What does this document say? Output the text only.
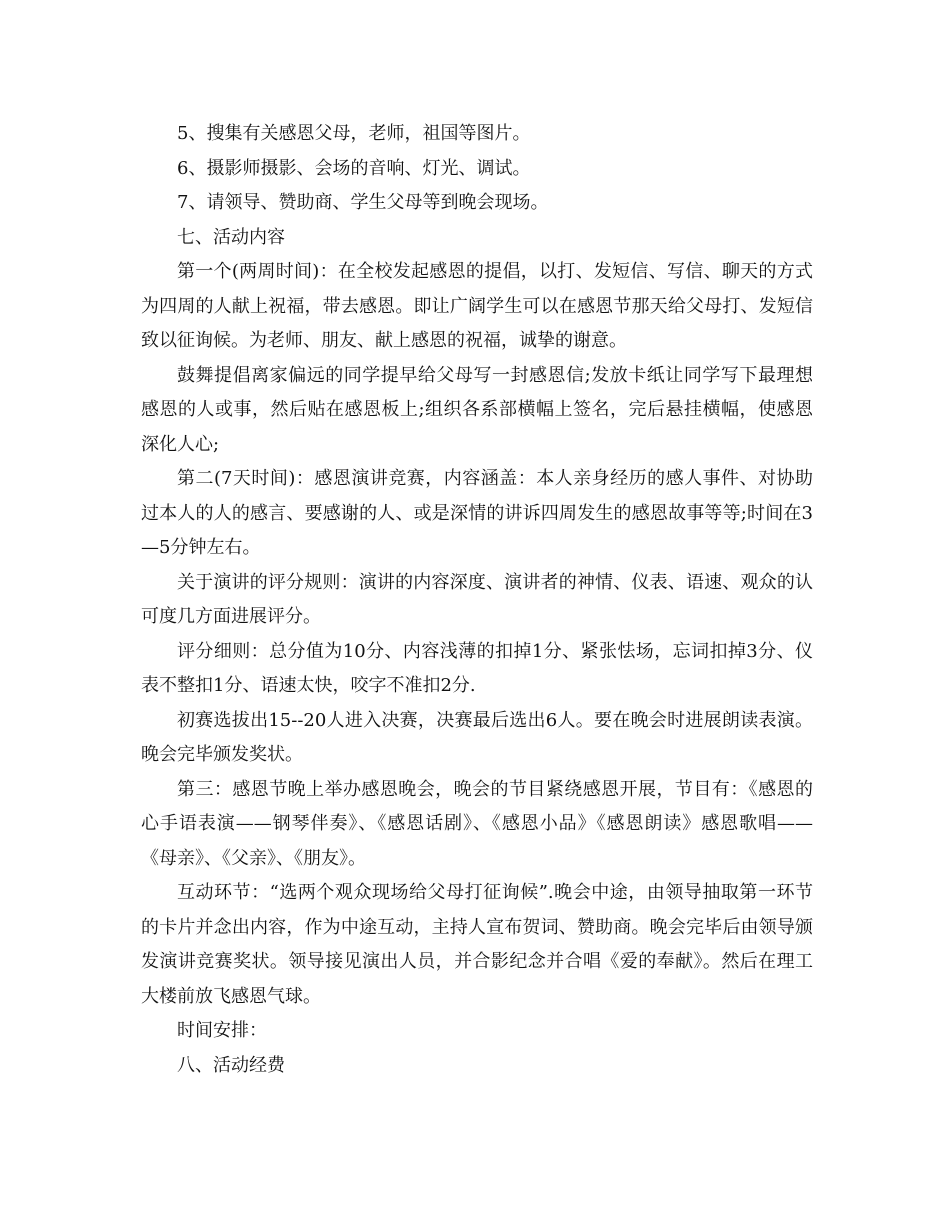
5、搜集有关感恩父母，老师，祖国等图片。

6、摄影师摄影、会场的音响、灯光、调试。

7、请领导、赞助商、学生父母等到晚会现场。

七、活动内容

第一个(两周时间)：在全校发起感恩的提倡，以打、发短信、写信、聊天的方式为四周的人献上祝福，带去感恩。即让广阔学生可以在感恩节那天给父母打、发短信致以征询候。为老师、朋友、献上感恩的祝福，诚挚的谢意。

鼓舞提倡离家偏远的同学提早给父母写一封感恩信;发放卡纸让同学写下最理想感恩的人或事，然后贴在感恩板上;组织各系部横幅上签名，完后悬挂横幅，使感恩深化人心;

第二(7天时间)：感恩演讲竞赛，内容涵盖：本人亲身经历的感人事件、对协助过本人的人的感言、要感谢的人、或是深情的讲诉四周发生的感恩故事等等;时间在3—5分钟左右。

关于演讲的评分规则：演讲的内容深度、演讲者的神情、仪表、语速、观众的认可度几方面进展评分。

评分细则：总分值为10分、内容浅薄的扣掉1分、紧张怯场，忘词扣掉3分、仪表不整扣1分、语速太快，咬字不准扣2分.

初赛选拔出15--20人进入决赛，决赛最后选出6人。要在晚会时进展朗读表演。晚会完毕颁发奖状。

第三：感恩节晚上举办感恩晚会，晚会的节目紧绕感恩开展，节目有：《感恩的心手语表演——钢琴伴奏》、《感恩话剧》、《感恩小品》《感恩朗读》感恩歌唱——《母亲》、《父亲》、《朋友》。

互动环节：“选两个观众现场给父母打征询候”.晚会中途，由领导抽取第一环节的卡片并念出内容，作为中途互动，主持人宣布贺词、赞助商。晚会完毕后由领导颁发演讲竞赛奖状。领导接见演出人员，并合影纪念并合唱《爱的奉献》。然后在理工大楼前放飞感恩气球。

时间安排：

八、活动经费
